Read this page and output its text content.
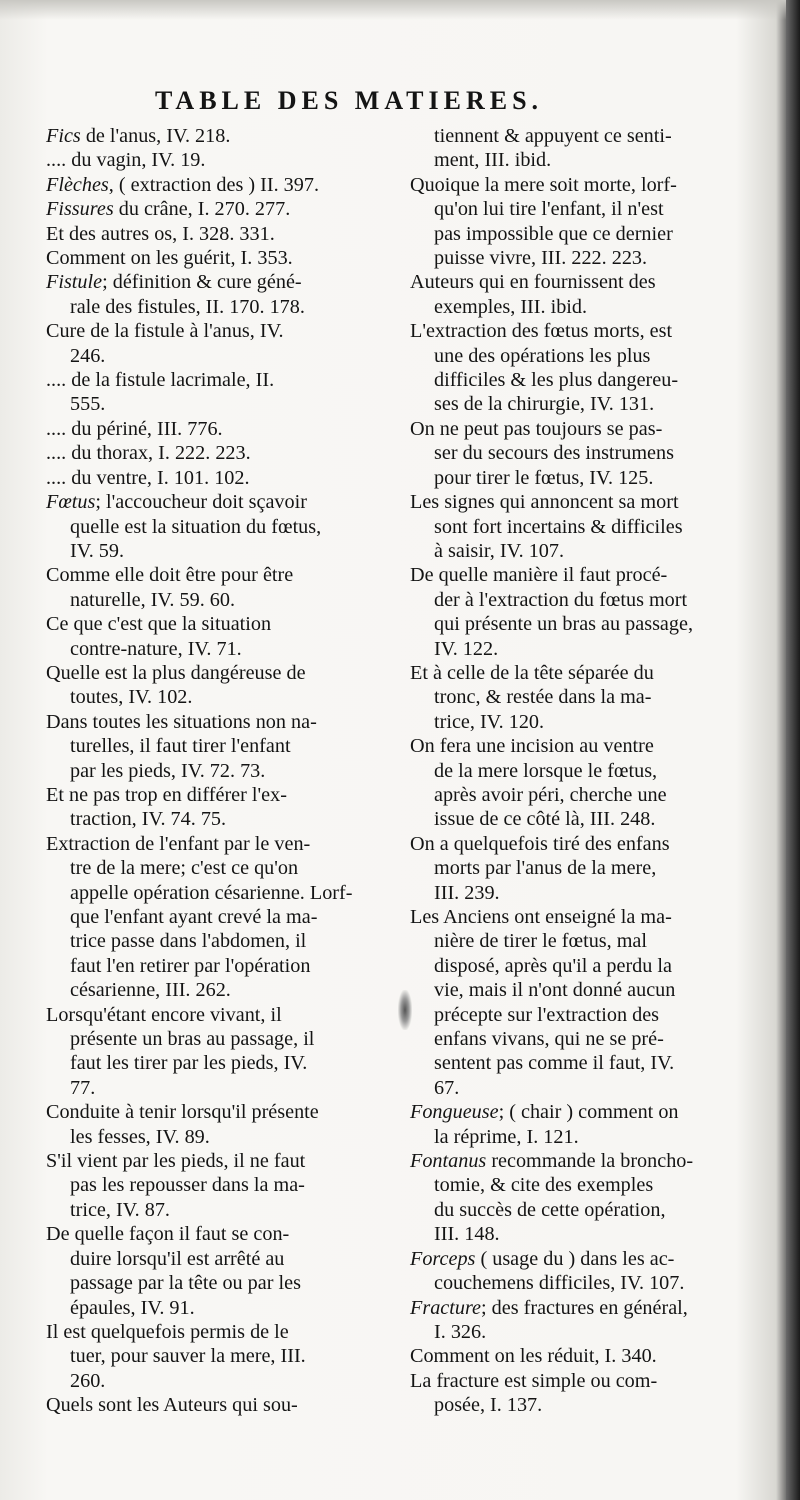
TABLE DES MATIERES.
Fics de l'anus, IV. 218.
.... du vagin, IV. 19.
Flèches, ( extraction des ) II. 397.
Fissures du crâne, I. 270. 277.
Et des autres os, I. 328. 331.
Comment on les guérit, I. 353.
Fistule; définition & cure géné-
rale des fistules, II. 170. 178.
Cure de la fistule à l'anus, IV.
246.
.... de la fistule lacrimale, II.
555.
.... du périné, III. 776.
.... du thorax, I. 222. 223.
.... du ventre, I. 101. 102.
Fœtus; l'accoucheur doit sçavoir
quelle est la situation du fœtus,
IV. 59.
Comme elle doit être pour être
naturelle, IV. 59. 60.
Ce que c'est que la situation
contre-nature, IV. 71.
Quelle est la plus dangéreuse de
toutes, IV. 102.
Dans toutes les situations non na-
turelles, il faut tirer l'enfant
par les pieds, IV. 72. 73.
Et ne pas trop en différer l'ex-
traction, IV. 74. 75.
Extraction de l'enfant par le ven-
tre de la mere; c'est ce qu'on
appelle opération césarienne. Lorf-
que l'enfant ayant crevé la ma-
trice passe dans l'abdomen, il
faut l'en retirer par l'opération
césarienne, III. 262.
Lorsqu'étant encore vivant, il
présente un bras au passage, il
faut les tirer par les pieds, IV.
77.
Conduite à tenir lorsqu'il présente
les fesses, IV. 89.
S'il vient par les pieds, il ne faut
pas les repousser dans la ma-
trice, IV. 87.
De quelle façon il faut se con-
duire lorsqu'il est arrêté au
passage par la tête ou par les
épaules, IV. 91.
Il est quelquefois permis de le
tuer, pour sauver la mere, III.
260.
Quels sont les Auteurs qui sou-
tiennent & appuyent ce senti-
ment, III. ibid.
Quoique la mere soit morte, lorf-
qu'on lui tire l'enfant, il n'est
pas impossible que ce dernier
puisse vivre, III. 222. 223.
Auteurs qui en fournissent des
exemples, III. ibid.
L'extraction des fœtus morts, est
une des opérations les plus
difficiles & les plus dangereu-
ses de la chirurgie, IV. 131.
On ne peut pas toujours se pas-
ser du secours des instrumens
pour tirer le fœtus, IV. 125.
Les signes qui annoncent sa mort
sont fort incertains & difficiles
à saisir, IV. 107.
De quelle manière il faut procé-
der à l'extraction du fœtus mort
qui présente un bras au passage,
IV. 122.
Et à celle de la tête séparée du
tronc, & restée dans la ma-
trice, IV. 120.
On fera une incision au ventre
de la mere lorsque le fœtus,
après avoir péri, cherche une
issue de ce côté là, III. 248.
On a quelquefois tiré des enfans
morts par l'anus de la mere,
III. 239.
Les Anciens ont enseigné la ma-
nière de tirer le fœtus, mal
disposé, après qu'il a perdu la
vie, mais il n'ont donné aucun
précepte sur l'extraction des
enfans vivans, qui ne se pré-
sentent pas comme il faut, IV.
67.
Fongueuse; ( chair ) comment on
la réprime, I. 121.
Fontanus recommande la broncho-
tomie, & cite des exemples
du succès de cette opération,
III. 148.
Forceps ( usage du ) dans les ac-
couchemens difficiles, IV. 107.
Fracture; des fractures en général,
I. 326.
Comment on les réduit, I. 340.
La fracture est simple ou com-
posée, I. 137.
